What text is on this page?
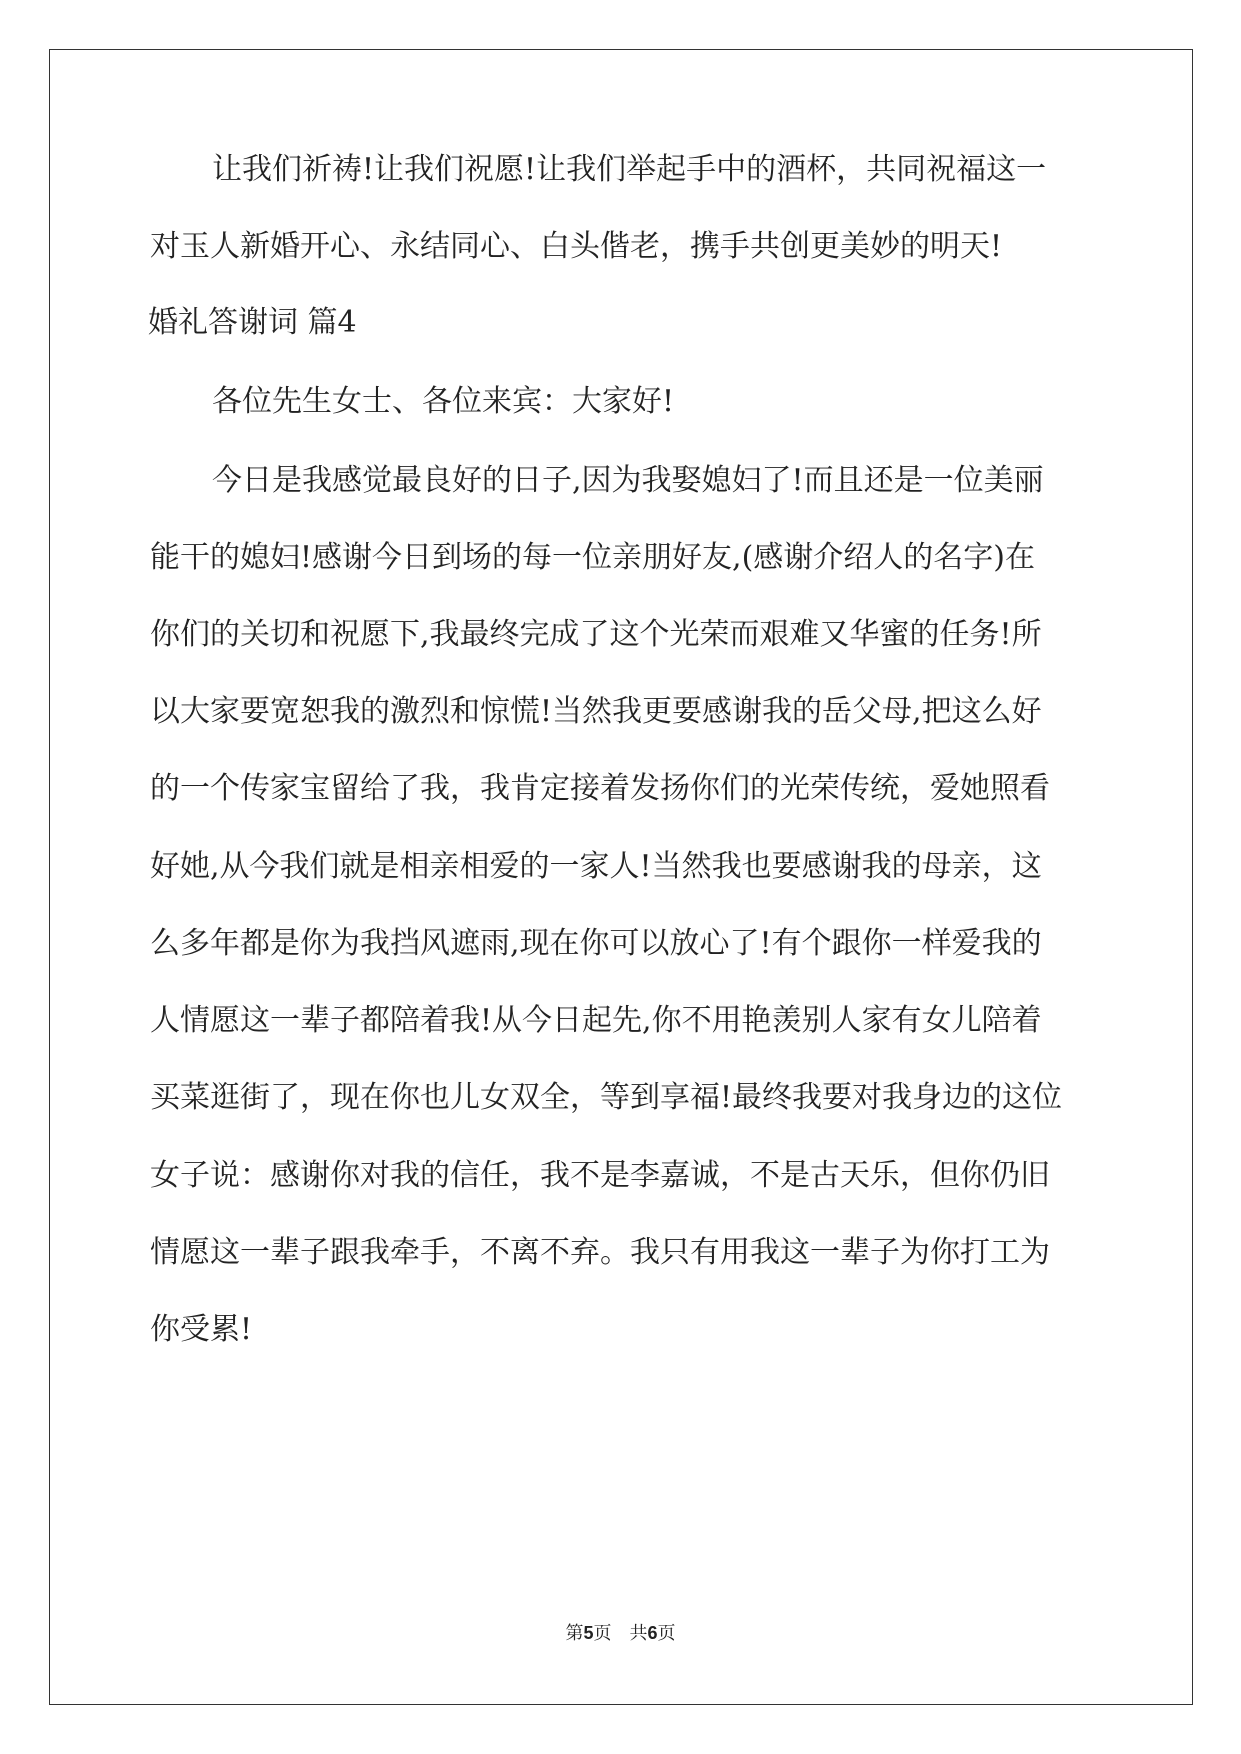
让我们祈祷!让我们祝愿!让我们举起手中的酒杯，共同祝福这一

对玉人新婚开心、永结同心、白头偕老，携手共创更美妙的明天!

婚礼答谢词 篇4

各位先生女士、各位来宾：大家好!

今日是我感觉最良好的日子,因为我娶媳妇了!而且还是一位美丽

能干的媳妇!感谢今日到场的每一位亲朋好友,(感谢介绍人的名字)在

你们的关切和祝愿下,我最终完成了这个光荣而艰难又华蜜的任务!所

以大家要宽恕我的激烈和惊慌!当然我更要感谢我的岳父母,把这么好

的一个传家宝留给了我，我肯定接着发扬你们的光荣传统，爱她照看

好她,从今我们就是相亲相爱的一家人!当然我也要感谢我的母亲，这

么多年都是你为我挡风遮雨,现在你可以放心了!有个跟你一样爱我的

人情愿这一辈子都陪着我!从今日起先,你不用艳羡别人家有女儿陪着

买菜逛街了，现在你也儿女双全，等到享福!最终我要对我身边的这位

女子说：感谢你对我的信任，我不是李嘉诚，不是古天乐，但你仍旧

情愿这一辈子跟我牵手，不离不弃。我只有用我这一辈子为你打工为

你受累!

第5页 共6页
